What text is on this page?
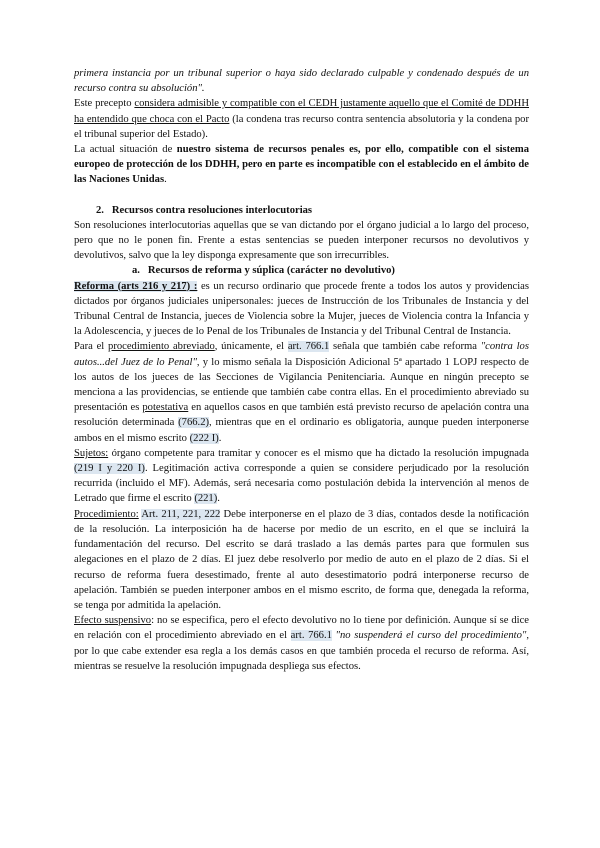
primera instancia por un tribunal superior o haya sido declarado culpable y condenado después de un recurso contra su absolución".

Este precepto considera admisible y compatible con el CEDH justamente aquello que el Comité de DDHH ha entendido que choca con el Pacto (la condena tras recurso contra sentencia absolutoria y la condena por el tribunal superior del Estado).

La actual situación de nuestro sistema de recursos penales es, por ello, compatible con el sistema europeo de protección de los DDHH, pero en parte es incompatible con el establecido en el ámbito de las Naciones Unidas.

2.   Recursos contra resoluciones interlocutorias

Son resoluciones interlocutorias aquellas que se van dictando por el órgano judicial a lo largo del proceso, pero que no le ponen fin. Frente a estas sentencias se pueden interponer recursos no devolutivos y devolutivos, salvo que la ley disponga expresamente que son irrecurribles.

a.   Recursos de reforma y súplica (carácter no devolutivo)

Reforma (arts 216 y 217) : es un recurso ordinario que procede frente a todos los autos y providencias dictados por órganos judiciales unipersonales: jueces de Instrucción de los Tribunales de Instancia y del Tribunal Central de Instancia, jueces de Violencia sobre la Mujer, jueces de Violencia contra la Infancia y la Adolescencia, y jueces de lo Penal de los Tribunales de Instancia y del Tribunal Central de Instancia.

Para el procedimiento abreviado, únicamente, el art. 766.1 señala que también cabe reforma "contra los autos...del Juez de lo Penal", y lo mismo señala la Disposición Adicional 5ª apartado 1 LOPJ respecto de los autos de los jueces de las Secciones de Vigilancia Penitenciaria. Aunque en ningún precepto se menciona a las providencias, se entiende que también cabe contra ellas. En el procedimiento abreviado su presentación es potestativa en aquellos casos en que también está previsto recurso de apelación contra una resolución determinada (766.2), mientras que en el ordinario es obligatoria, aunque pueden interponerse ambos en el mismo escrito (222 I).

Sujetos: órgano competente para tramitar y conocer es el mismo que ha dictado la resolución impugnada (219 I y 220 I). Legitimación activa corresponde a quien se considere perjudicado por la resolución recurrida (incluido el MF). Además, será necesaria como postulación debida la intervención al menos de Letrado que firme el escrito (221).

Procedimiento: Art. 211, 221, 222 Debe interponerse en el plazo de 3 días, contados desde la notificación de la resolución. La interposición ha de hacerse por medio de un escrito, en el que se incluirá la fundamentación del recurso. Del escrito se dará traslado a las demás partes para que formulen sus alegaciones en el plazo de 2 días. El juez debe resolverlo por medio de auto en el plazo de 2 días. Si el recurso de reforma fuera desestimado, frente al auto desestimatorio podrá interponerse recurso de apelación. También se pueden interponer ambos en el mismo escrito, de forma que, denegada la reforma, se tenga por admitida la apelación.

Efecto suspensivo: no se especifica, pero el efecto devolutivo no lo tiene por definición. Aunque sí se dice en relación con el procedimiento abreviado en el art. 766.1 "no suspenderá el curso del procedimiento", por lo que cabe extender esa regla a los demás casos en que también proceda el recurso de reforma. Así, mientras se resuelve la resolución impugnada despliega sus efectos.
